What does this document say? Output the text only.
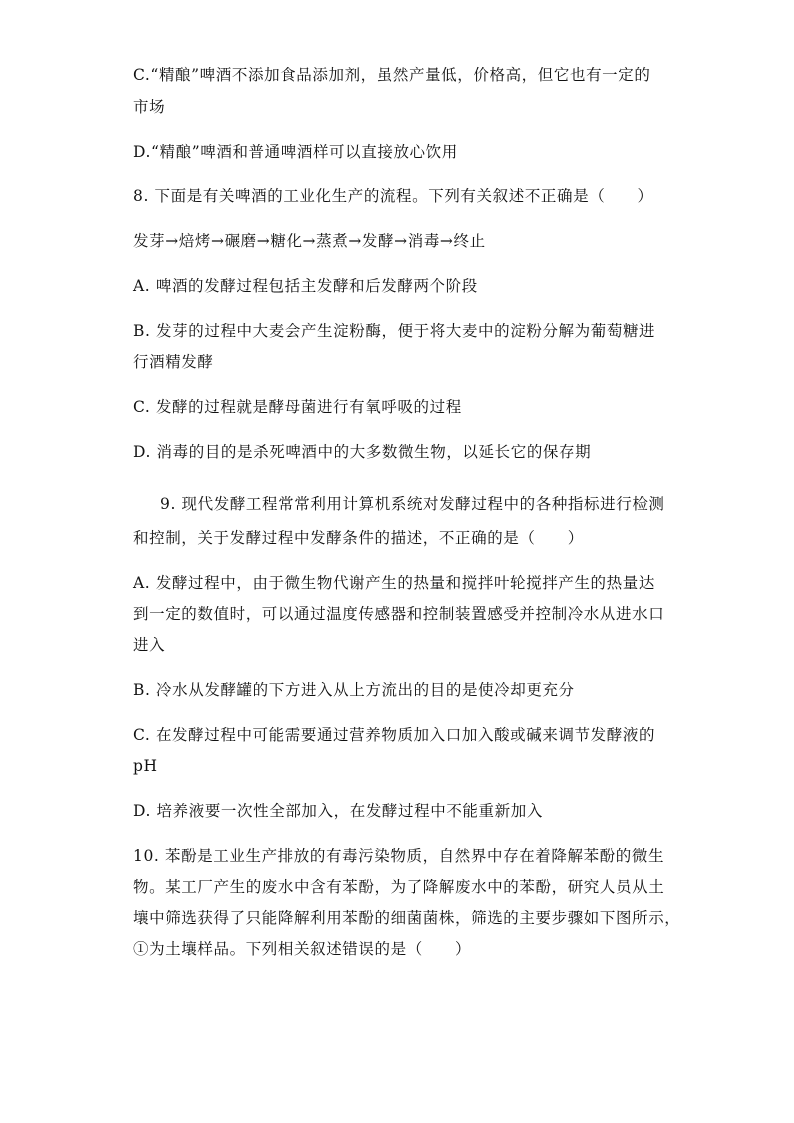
C.“精酿”啤酒不添加食品添加剂，虽然产量低，价格高，但它也有一定的
市场
D.“精酿”啤酒和普通啤酒样可以直接放心饮用
8. 下面是有关啤酒的工业化生产的流程。下列有关叙述不正确是（　　）
发芽→焙烤→碾磨→糖化→蒸煮→发酵→消毒→终止
A. 啤酒的发酵过程包括主发酵和后发酵两个阶段
B. 发芽的过程中大麦会产生淀粉酶，便于将大麦中的淀粉分解为葡萄糖进
行酒精发酵
C. 发酵的过程就是酵母菌进行有氧呼吸的过程
D. 消毒的目的是杀死啤酒中的大多数微生物，以延长它的保存期
9. 现代发酵工程常常利用计算机系统对发酵过程中的各种指标进行检测
和控制，关于发酵过程中发酵条件的描述，不正确的是（　　）
A. 发酵过程中，由于微生物代谢产生的热量和搅拌叶轮搅拌产生的热量达
到一定的数值时，可以通过温度传感器和控制装置感受并控制冷水从进水口
进入
B. 冷水从发酵罐的下方进入从上方流出的目的是使冷却更充分
C. 在发酵过程中可能需要通过营养物质加入口加入酸或碱来调节发酵液的
pH
D. 培养液要一次性全部加入，在发酵过程中不能重新加入
10. 苯酚是工业生产排放的有毒污染物质，自然界中存在着降解苯酚的微生
物。某工厂产生的废水中含有苯酚，为了降解废水中的苯酚，研究人员从土
壤中筛选获得了只能降解利用苯酚的细菌菌株，筛选的主要步骤如下图所示，
①为土壤样品。下列相关叙述错误的是（　　）
